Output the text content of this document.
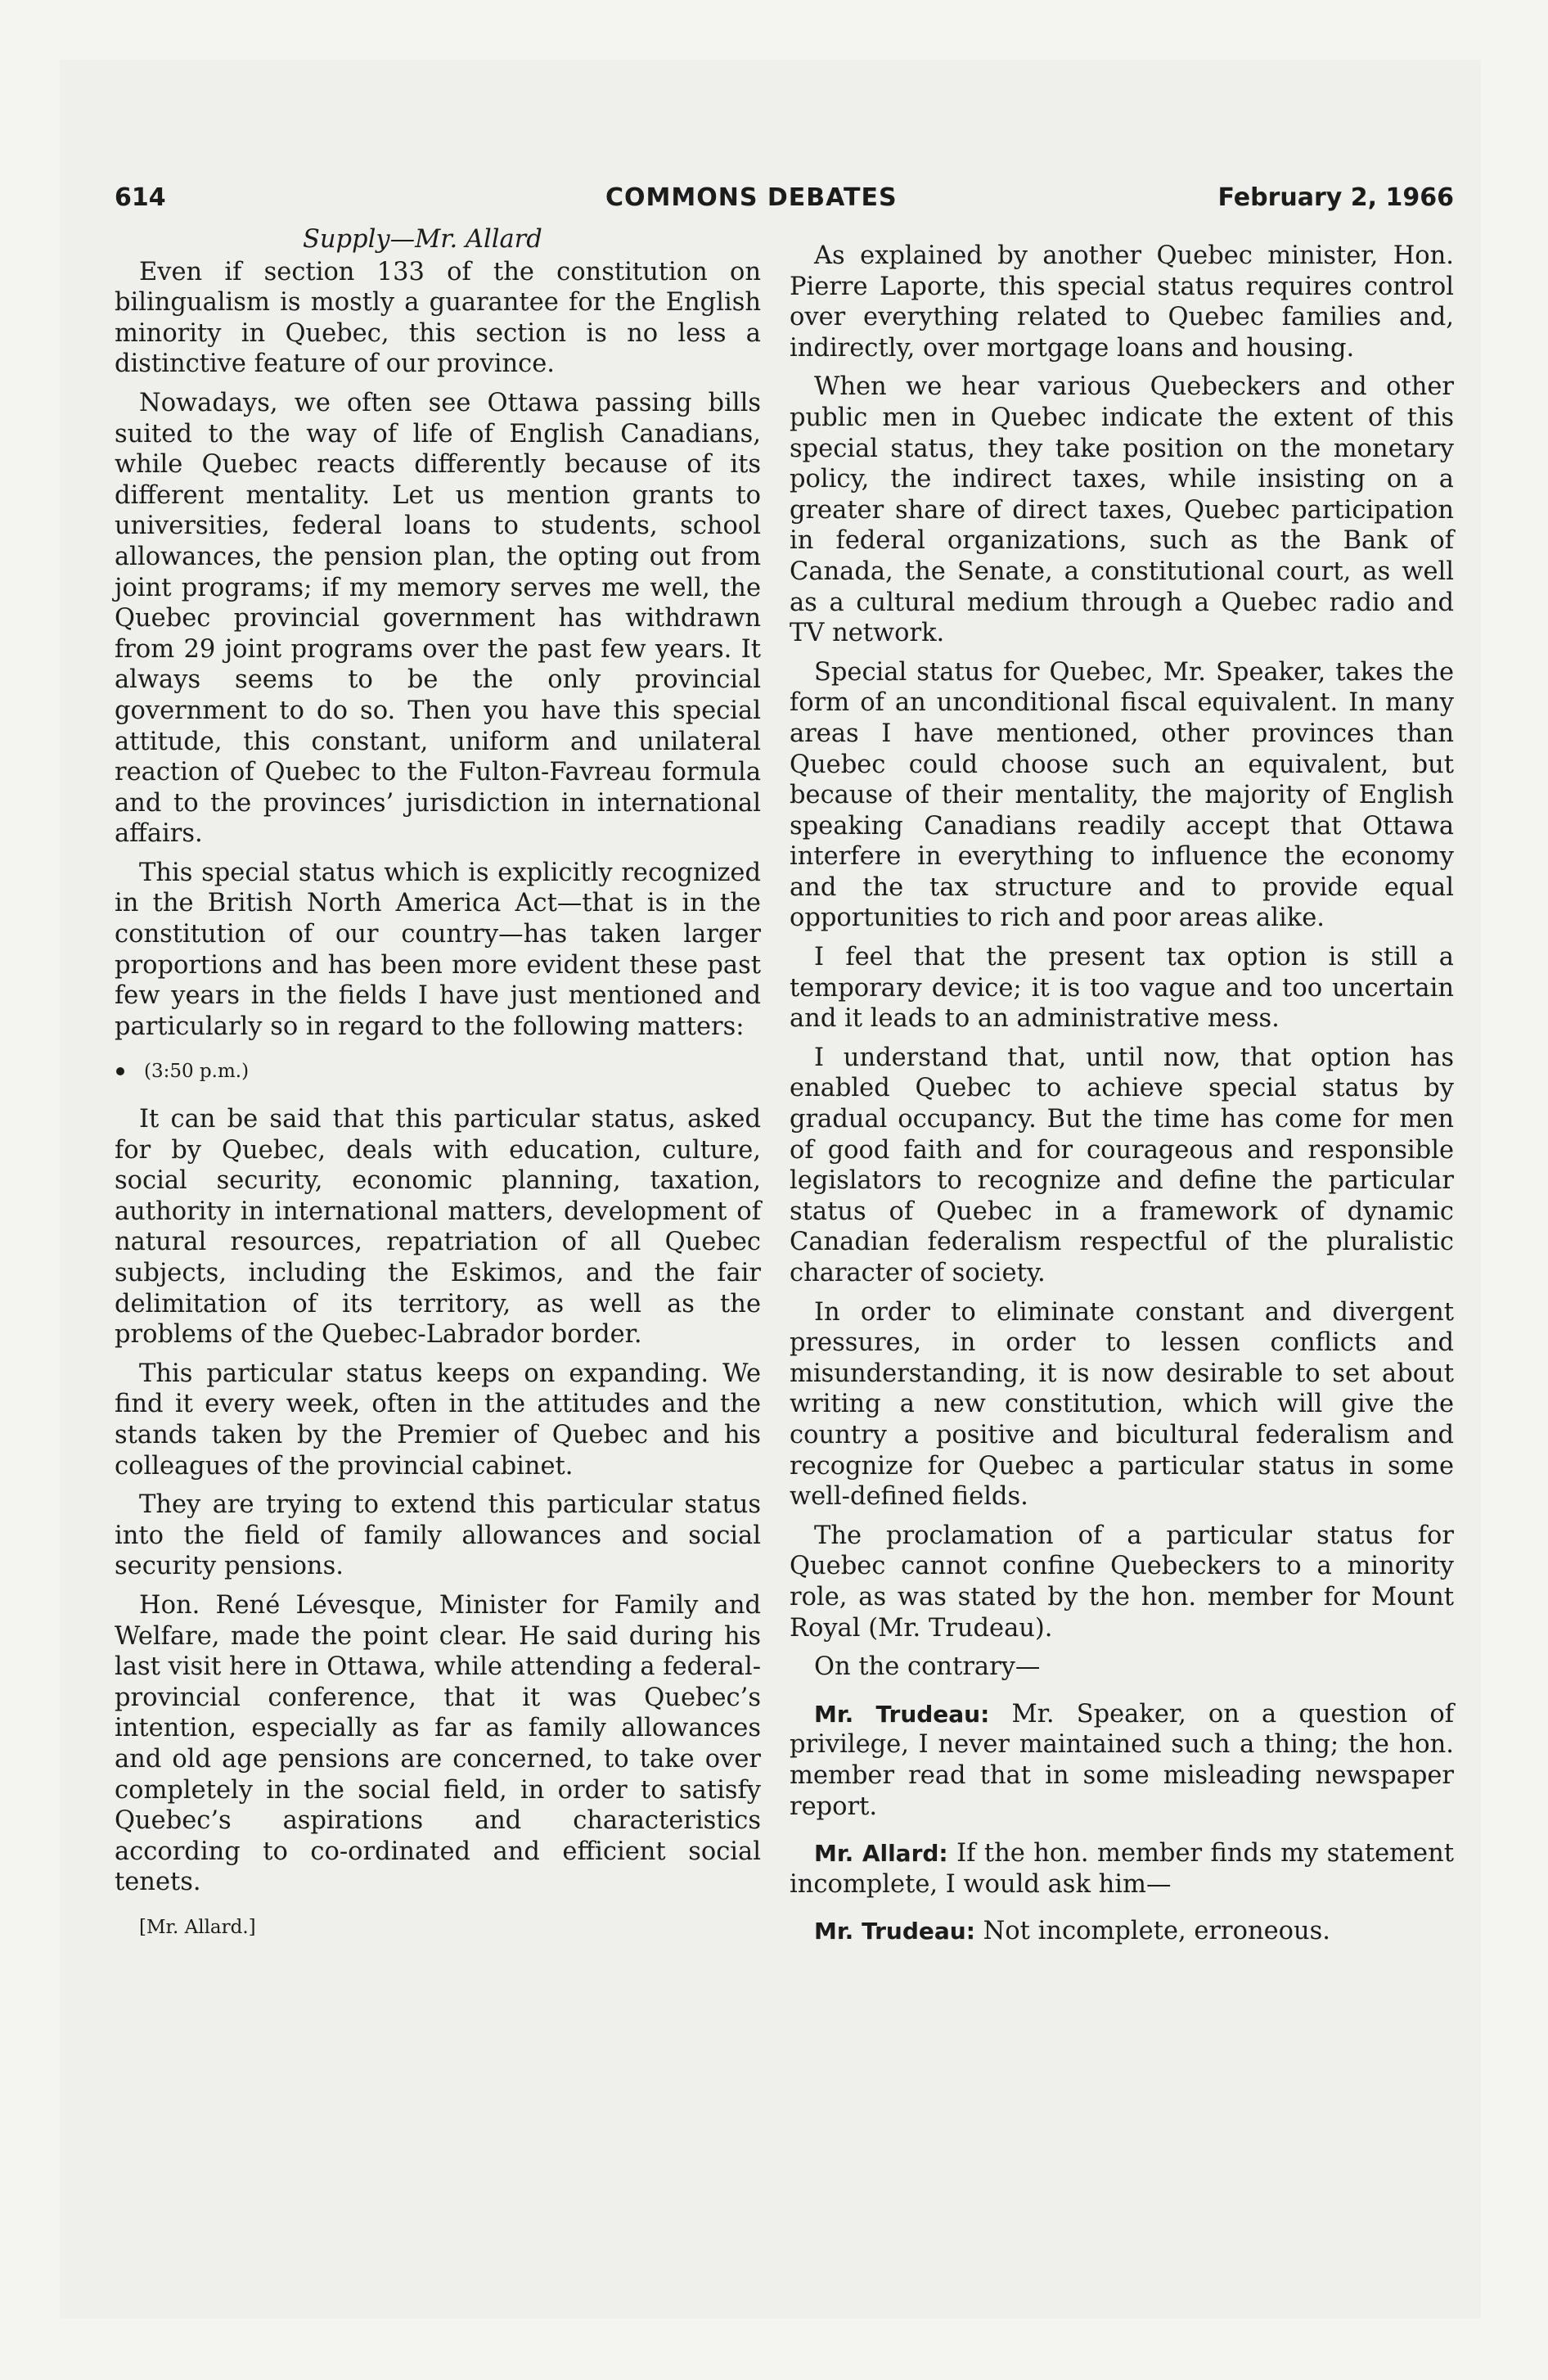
614	COMMONS DEBATES	February 2, 1966

Supply—Mr. Allard

Even if section 133 of the constitution on bilingualism is mostly a guarantee for the English minority in Quebec, this section is no less a distinctive feature of our province.

Nowadays, we often see Ottawa passing bills suited to the way of life of English Canadians, while Quebec reacts differently because of its different mentality. Let us mention grants to universities, federal loans to students, school allowances, the pension plan, the opting out from joint programs; if my memory serves me well, the Quebec provincial government has withdrawn from 29 joint programs over the past few years. It always seems to be the only provincial government to do so. Then you have this special attitude, this constant, uniform and unilateral reaction of Quebec to the Fulton-Favreau formula and to the provinces’ jurisdiction in international affairs.

This special status which is explicitly recognized in the British North America Act—that is in the constitution of our country—has taken larger proportions and has been more evident these past few years in the fields I have just mentioned and particularly so in regard to the following matters:

(3:50 p.m.)

It can be said that this particular status, asked for by Quebec, deals with education, culture, social security, economic planning, taxation, authority in international matters, development of natural resources, repatriation of all Quebec subjects, including the Eskimos, and the fair delimitation of its territory, as well as the problems of the Quebec-Labrador border.

This particular status keeps on expanding. We find it every week, often in the attitudes and the stands taken by the Premier of Quebec and his colleagues of the provincial cabinet.

They are trying to extend this particular status into the field of family allowances and social security pensions.

Hon. René Lévesque, Minister for Family and Welfare, made the point clear. He said during his last visit here in Ottawa, while attending a federal-provincial conference, that it was Quebec’s intention, especially as far as family allowances and old age pensions are concerned, to take over completely in the social field, in order to satisfy Quebec’s aspirations and characteristics according to co-ordinated and efficient social tenets.

[Mr. Allard.]

As explained by another Quebec minister, Hon. Pierre Laporte, this special status requires control over everything related to Quebec families and, indirectly, over mortgage loans and housing.

When we hear various Quebeckers and other public men in Quebec indicate the extent of this special status, they take position on the monetary policy, the indirect taxes, while insisting on a greater share of direct taxes, Quebec participation in federal organizations, such as the Bank of Canada, the Senate, a constitutional court, as well as a cultural medium through a Quebec radio and TV network.

Special status for Quebec, Mr. Speaker, takes the form of an unconditional fiscal equivalent. In many areas I have mentioned, other provinces than Quebec could choose such an equivalent, but because of their mentality, the majority of English speaking Canadians readily accept that Ottawa interfere in everything to influence the economy and the tax structure and to provide equal opportunities to rich and poor areas alike.

I feel that the present tax option is still a temporary device; it is too vague and too uncertain and it leads to an administrative mess.

I understand that, until now, that option has enabled Quebec to achieve special status by gradual occupancy. But the time has come for men of good faith and for courageous and responsible legislators to recognize and define the particular status of Quebec in a framework of dynamic Canadian federalism respectful of the pluralistic character of society.

In order to eliminate constant and divergent pressures, in order to lessen conflicts and misunderstanding, it is now desirable to set about writing a new constitution, which will give the country a positive and bicultural federalism and recognize for Quebec a particular status in some well-defined fields.

The proclamation of a particular status for Quebec cannot confine Quebeckers to a minority role, as was stated by the hon. member for Mount Royal (Mr. Trudeau).

On the contrary—

Mr. Trudeau: Mr. Speaker, on a question of privilege, I never maintained such a thing; the hon. member read that in some misleading newspaper report.

Mr. Allard: If the hon. member finds my statement incomplete, I would ask him—

Mr. Trudeau: Not incomplete, erroneous.
